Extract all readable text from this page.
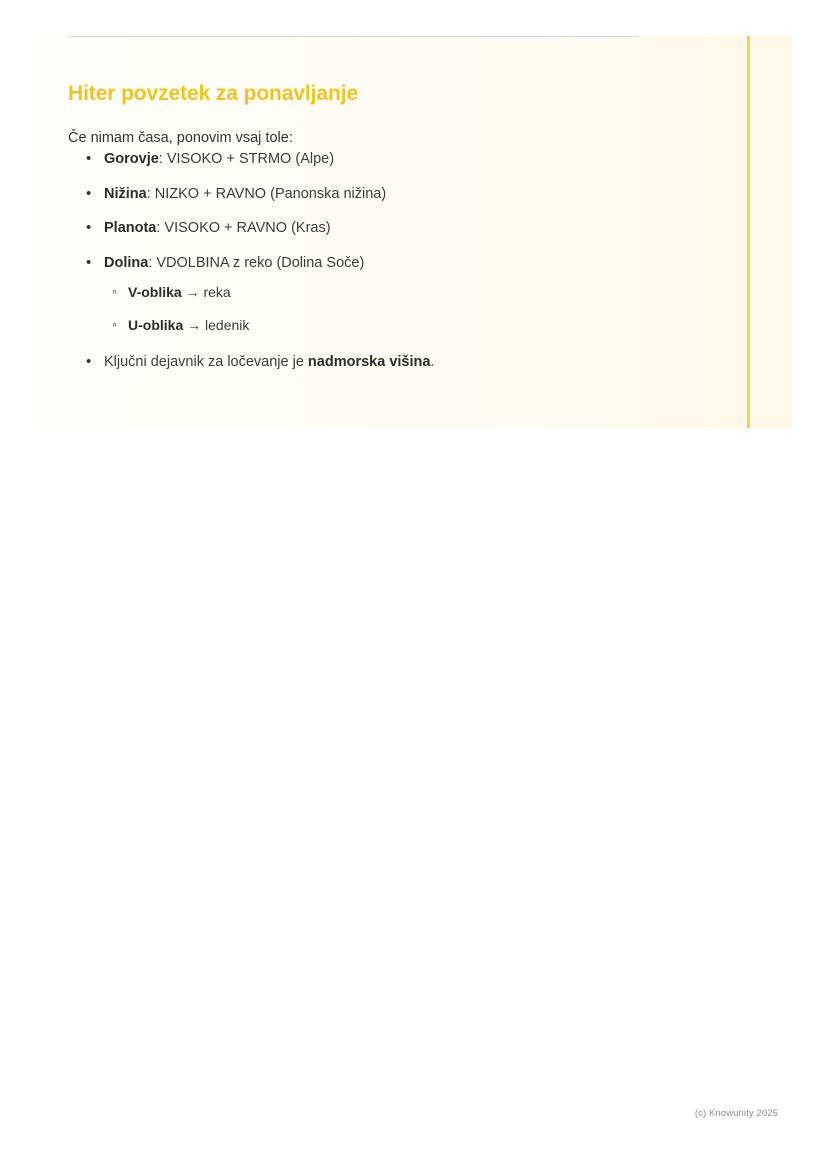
Hiter povzetek za ponavljanje

Če nimam časa, ponovim vsaj tole:

• Gorovje: VISOKO + STRMO (Alpe)
• Nižina: NIZKO + RAVNO (Panonska nižina)
• Planota: VISOKO + RAVNO (Kras)
• Dolina: VDOLBINA z reko (Dolina Soče)
◦ V-oblika → reka
◦ U-oblika → ledenik
• Ključni dejavnik za ločevanje je nadmorska višina.
(c) Knowunity 2025
